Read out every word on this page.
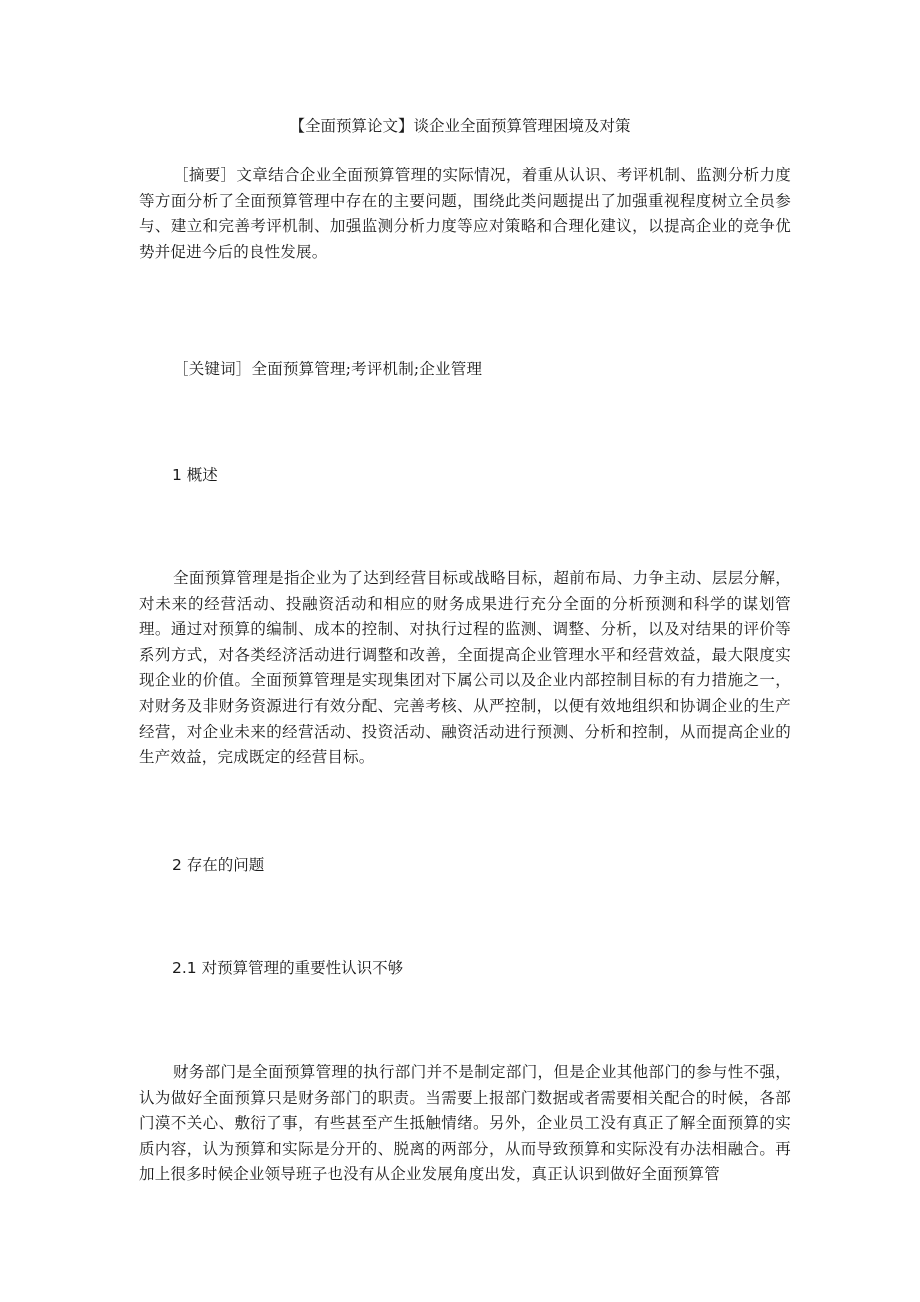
【全面预算论文】谈企业全面预算管理困境及对策

［摘要］文章结合企业全面预算管理的实际情况，着重从认识、考评机制、监测分析力度等方面分析了全面预算管理中存在的主要问题，围绕此类问题提出了加强重视程度树立全员参与、建立和完善考评机制、加强监测分析力度等应对策略和合理化建议，以提高企业的竞争优势并促进今后的良性发展。

［关键词］全面预算管理;考评机制;企业管理

1 概述

全面预算管理是指企业为了达到经营目标或战略目标，超前布局、力争主动、层层分解，对未来的经营活动、投融资活动和相应的财务成果进行充分全面的分析预测和科学的谋划管理。通过对预算的编制、成本的控制、对执行过程的监测、调整、分析，以及对结果的评价等系列方式，对各类经济活动进行调整和改善，全面提高企业管理水平和经营效益，最大限度实现企业的价值。全面预算管理是实现集团对下属公司以及企业内部控制目标的有力措施之一，对财务及非财务资源进行有效分配、完善考核、从严控制，以便有效地组织和协调企业的生产经营，对企业未来的经营活动、投资活动、融资活动进行预测、分析和控制，从而提高企业的生产效益，完成既定的经营目标。

2 存在的问题
2.1 对预算管理的重要性认识不够

财务部门是全面预算管理的执行部门并不是制定部门，但是企业其他部门的参与性不强，认为做好全面预算只是财务部门的职责。当需要上报部门数据或者需要相关配合的时候，各部门漠不关心、敷衍了事，有些甚至产生抵触情绪。另外，企业员工没有真正了解全面预算的实质内容，认为预算和实际是分开的、脱离的两部分，从而导致预算和实际没有办法相融合。再加上很多时候企业领导班子也没有从企业发展角度出发，真正认识到做好全面预算管
